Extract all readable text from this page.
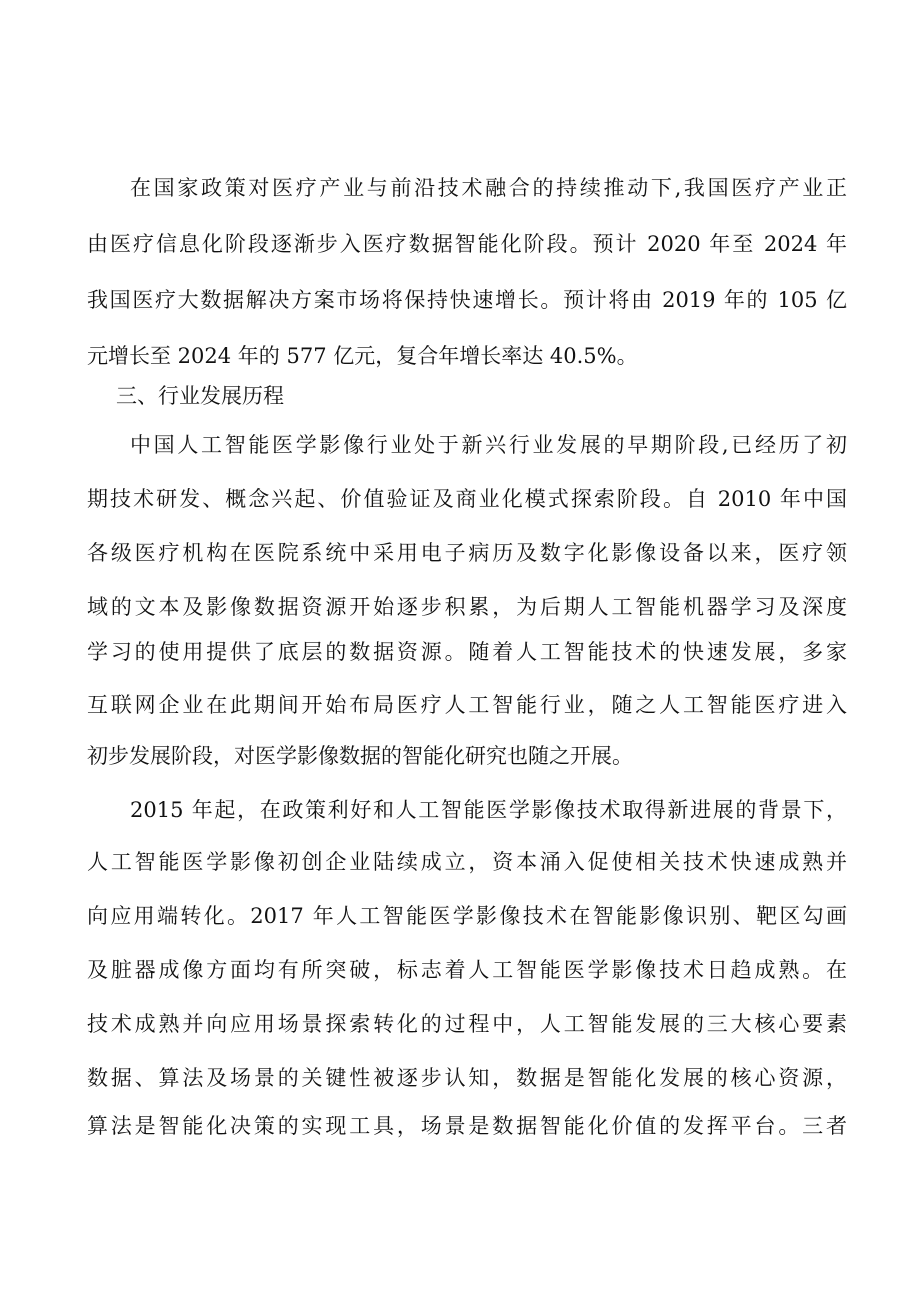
在国家政策对医疗产业与前沿技术融合的持续推动下,我国医疗产业正
由医疗信息化阶段逐渐步入医疗数据智能化阶段。预计 2020 年至 2024 年
我国医疗大数据解决方案市场将保持快速增长。预计将由 2019 年的 105 亿
元增长至 2024 年的 577 亿元，复合年增长率达 40.5%。
三、行业发展历程
中国人工智能医学影像行业处于新兴行业发展的早期阶段,已经历了初
期技术研发、概念兴起、价值验证及商业化模式探索阶段。自 2010 年中国
各级医疗机构在医院系统中采用电子病历及数字化影像设备以来，医疗领
域的文本及影像数据资源开始逐步积累，为后期人工智能机器学习及深度
学习的使用提供了底层的数据资源。随着人工智能技术的快速发展，多家
互联网企业在此期间开始布局医疗人工智能行业，随之人工智能医疗进入
初步发展阶段，对医学影像数据的智能化研究也随之开展。
2015 年起，在政策利好和人工智能医学影像技术取得新进展的背景下，
人工智能医学影像初创企业陆续成立，资本涌入促使相关技术快速成熟并
向应用端转化。2017 年人工智能医学影像技术在智能影像识别、靶区勾画
及脏器成像方面均有所突破，标志着人工智能医学影像技术日趋成熟。在
技术成熟并向应用场景探索转化的过程中，人工智能发展的三大核心要素
数据、算法及场景的关键性被逐步认知，数据是智能化发展的核心资源，
算法是智能化决策的实现工具，场景是数据智能化价值的发挥平台。三者
